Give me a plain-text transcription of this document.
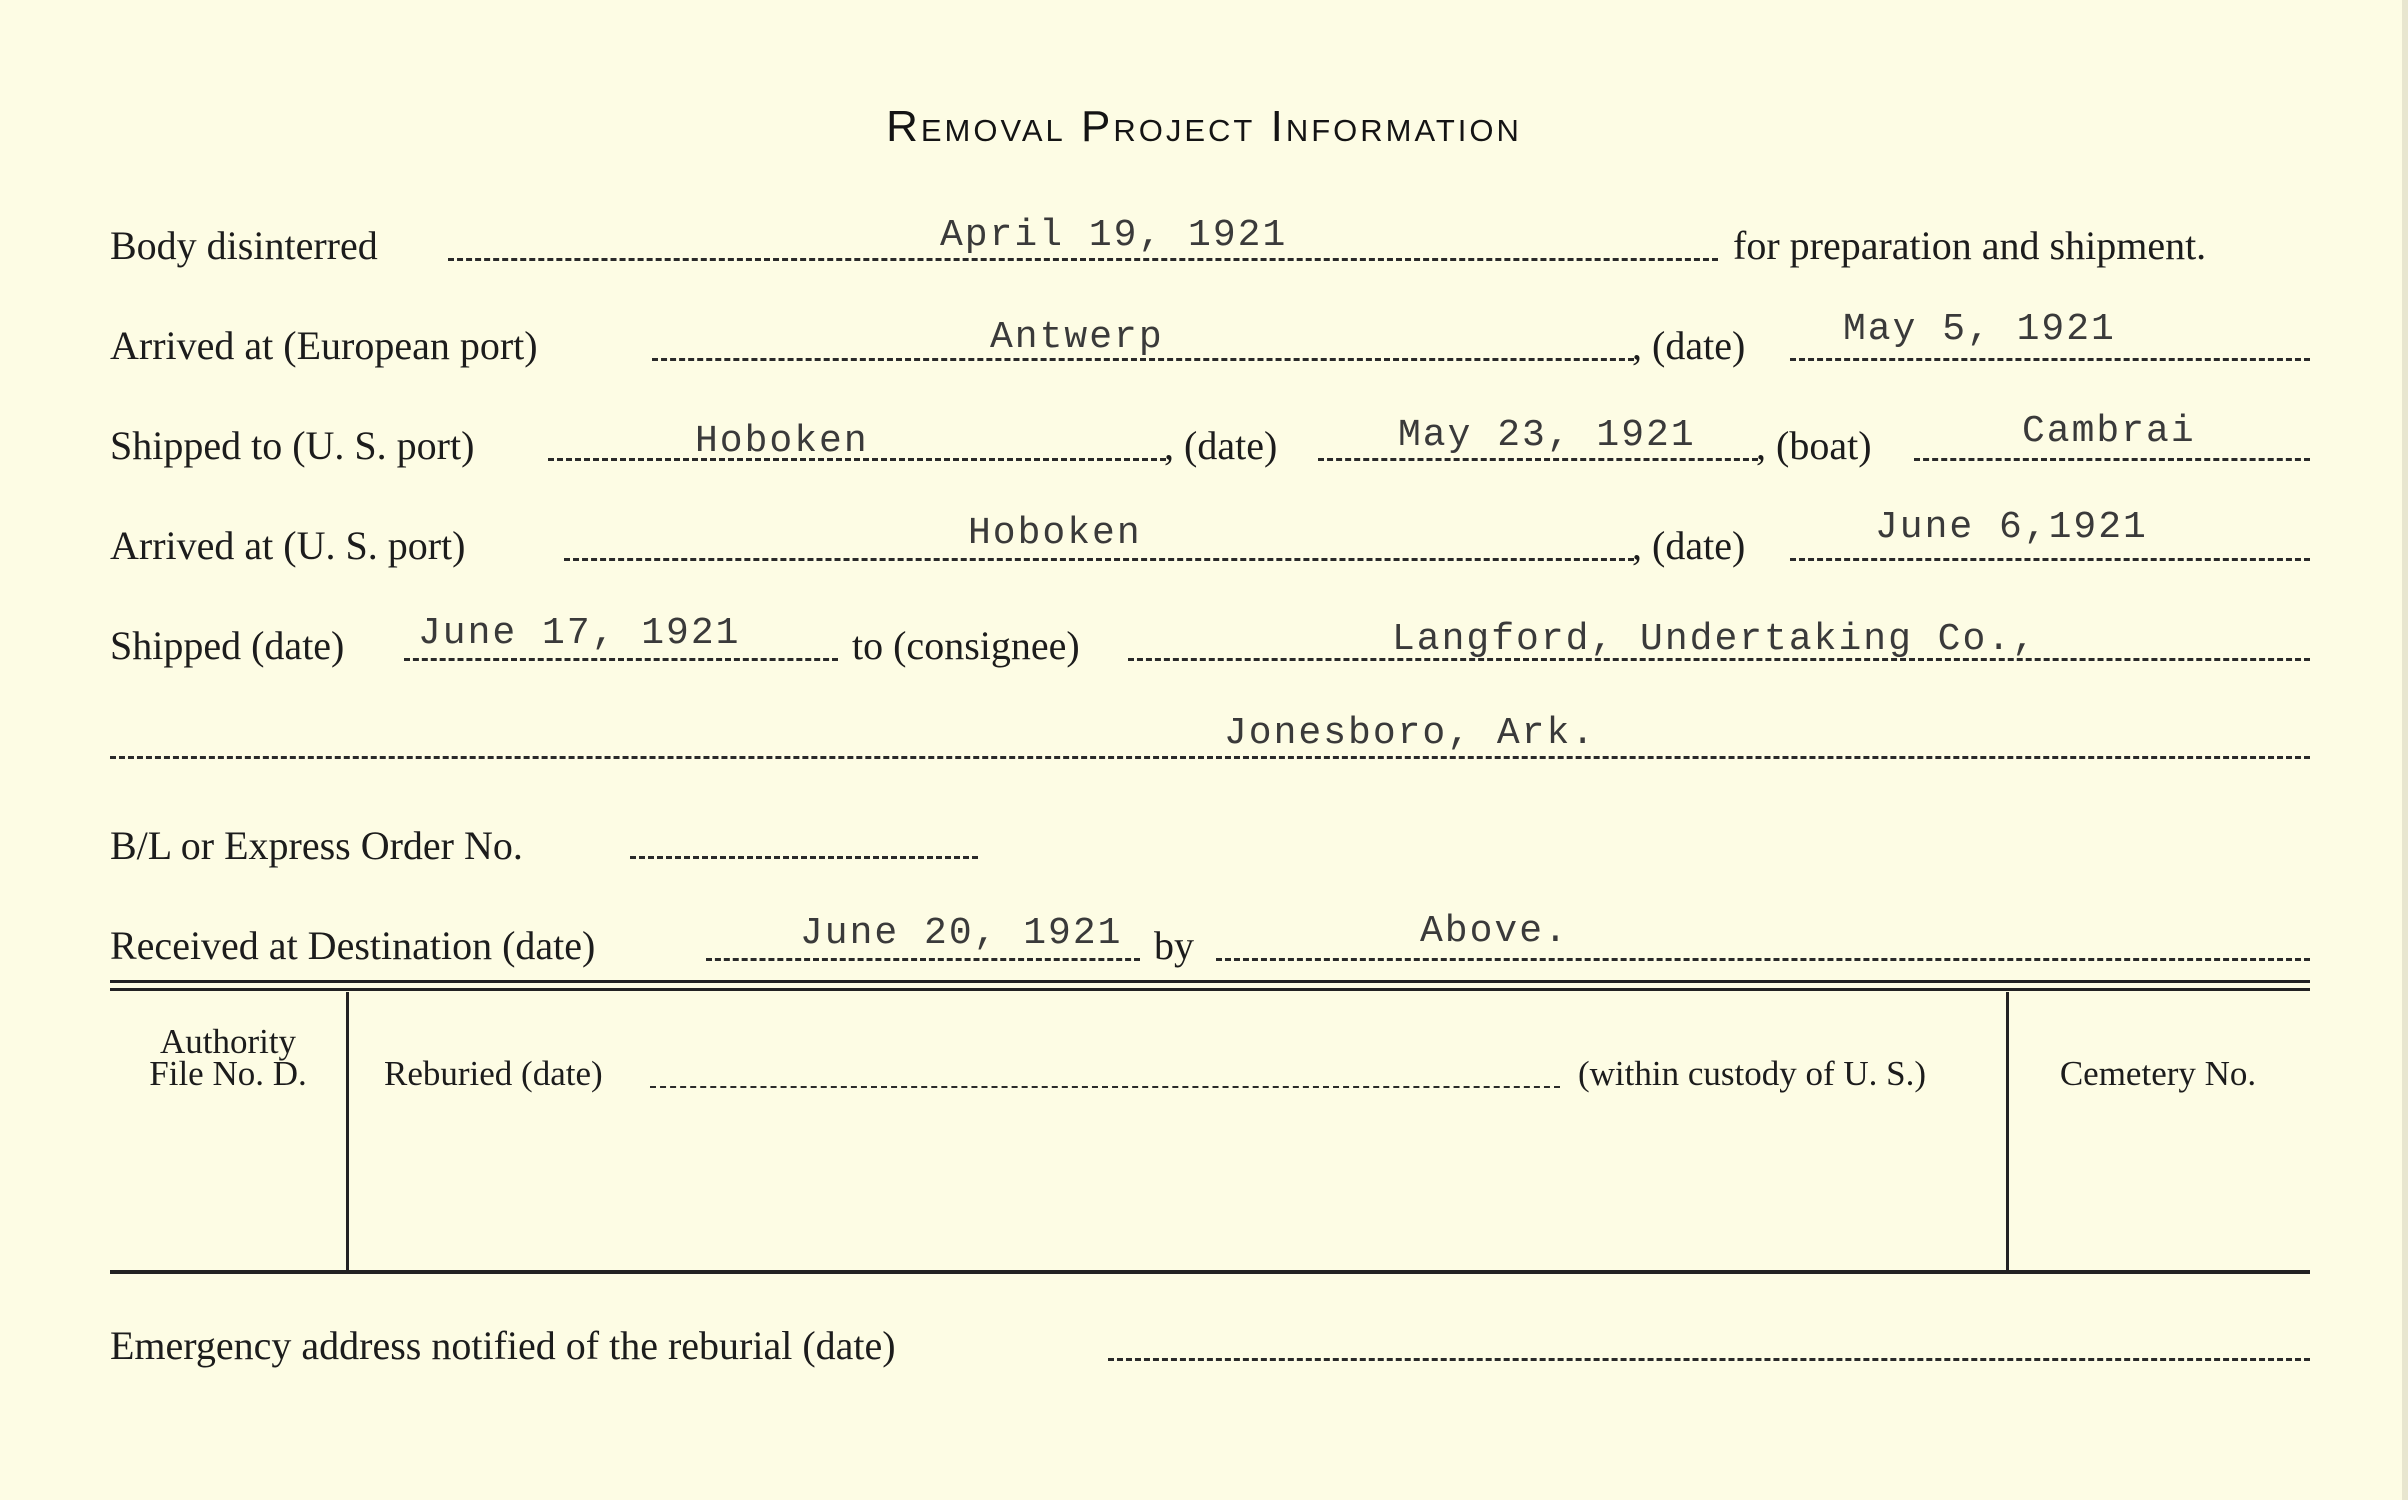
Removal Project Information
Body disinterred	April 19, 1921	for preparation and shipment.
Arrived at (European port)	Antwerp	, (date)	May 5, 1921
Shipped to (U. S. port)	Hoboken	, (date)	May 23, 1921 , (boat)	Cambrai
Arrived at (U. S. port)	Hoboken	, (date)	June 6,1921
Shipped (date) June 17, 1921	to (consignee)	Langford, Undertaking Co.,
Jonesboro, Ark.
B/L or Express Order No.
Received at Destination (date)	June 20, 1921 by	Above.
Authority
File No. D.	Reburied (date)	(within custody of U. S.)	Cemetery No.
Emergency address notified of the reburial (date)
